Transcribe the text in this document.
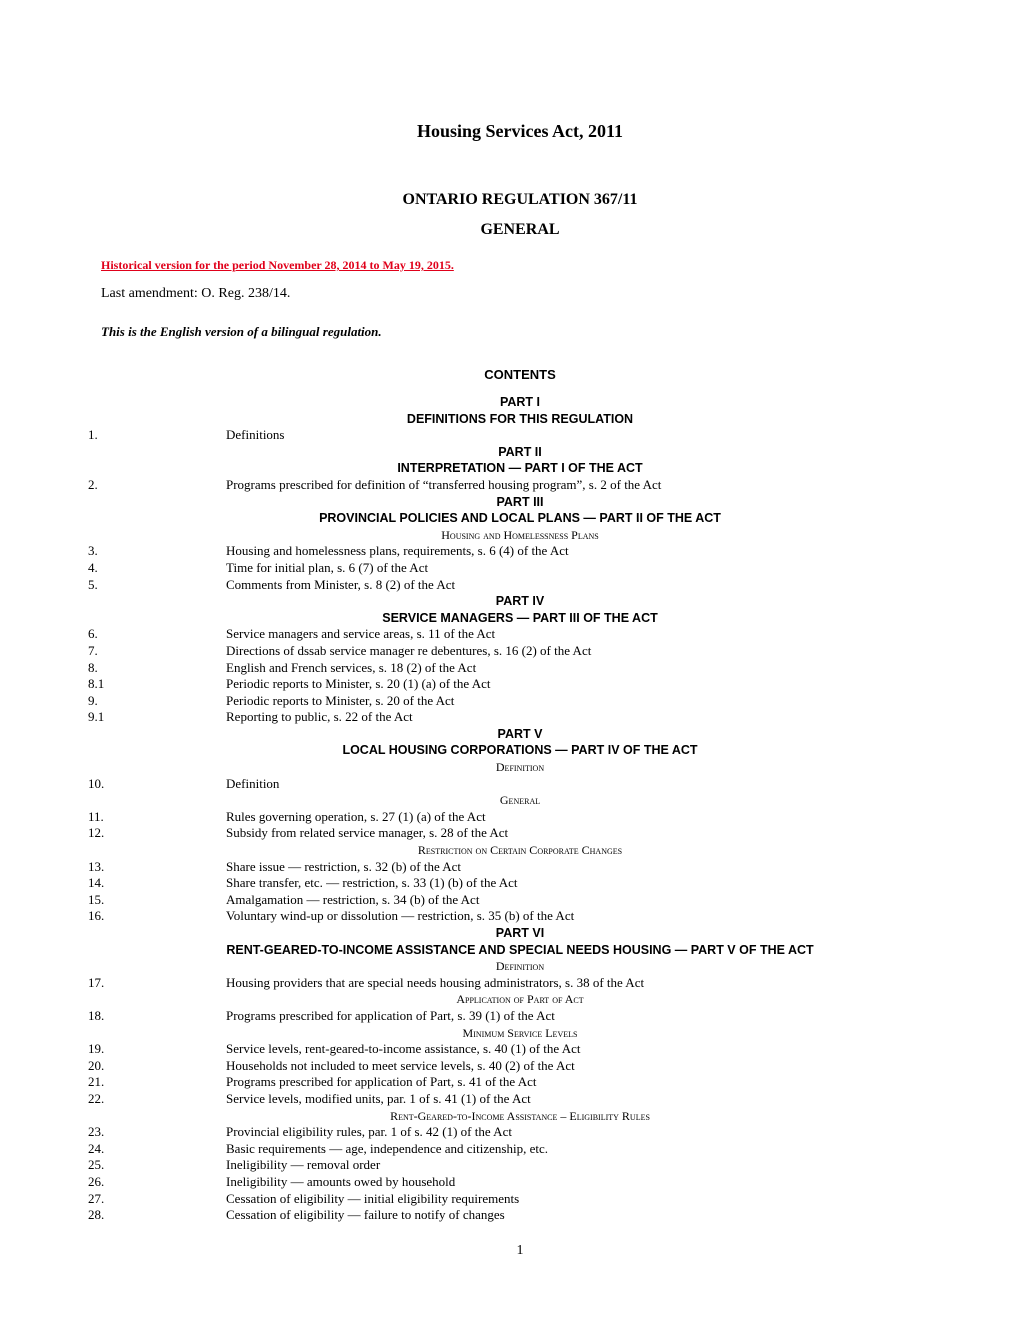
Housing Services Act, 2011
ONTARIO REGULATION 367/11
GENERAL
Historical version for the period November 28, 2014 to May 19, 2015.
Last amendment: O. Reg. 238/14.
This is the English version of a bilingual regulation.
CONTENTS
PART I
DEFINITIONS FOR THIS REGULATION
1.	Definitions
PART II
INTERPRETATION — PART I OF THE ACT
2.	Programs prescribed for definition of “transferred housing program”, s. 2 of the Act
PART III
PROVINCIAL POLICIES AND LOCAL PLANS — PART II OF THE ACT
Housing and Homelessness Plans
3.	Housing and homelessness plans, requirements, s. 6 (4) of the Act
4.	Time for initial plan, s. 6 (7) of the Act
5.	Comments from Minister, s. 8 (2) of the Act
PART IV
SERVICE MANAGERS — PART III OF THE ACT
6.	Service managers and service areas, s. 11 of the Act
7.	Directions of dssab service manager re debentures, s. 16 (2) of the Act
8.	English and French services, s. 18 (2) of the Act
8.1	Periodic reports to Minister, s. 20 (1) (a) of the Act
9.	Periodic reports to Minister, s. 20 of the Act
9.1	Reporting to public, s. 22 of the Act
PART V
LOCAL HOUSING CORPORATIONS — PART IV OF THE ACT
Definition
10.	Definition
General
11.	Rules governing operation, s. 27 (1) (a) of the Act
12.	Subsidy from related service manager, s. 28 of the Act
Restriction on Certain Corporate Changes
13.	Share issue — restriction, s. 32 (b) of the Act
14.	Share transfer, etc. — restriction, s. 33 (1) (b) of the Act
15.	Amalgamation — restriction, s. 34 (b) of the Act
16.	Voluntary wind-up or dissolution — restriction, s. 35 (b) of the Act
PART VI
RENT-GEARED-TO-INCOME ASSISTANCE AND SPECIAL NEEDS HOUSING — PART V OF THE ACT
Definition
17.	Housing providers that are special needs housing administrators, s. 38 of the Act
Application of Part of Act
18.	Programs prescribed for application of Part, s. 39 (1) of the Act
Minimum Service Levels
19.	Service levels, rent-geared-to-income assistance, s. 40 (1) of the Act
20.	Households not included to meet service levels, s. 40 (2) of the Act
21.	Programs prescribed for application of Part, s. 41 of the Act
22.	Service levels, modified units, par. 1 of s. 41 (1) of the Act
Rent-Geared-to-Income Assistance – Eligibility Rules
23.	Provincial eligibility rules, par. 1 of s. 42 (1) of the Act
24.	Basic requirements — age, independence and citizenship, etc.
25.	Ineligibility — removal order
26.	Ineligibility — amounts owed by household
27.	Cessation of eligibility — initial eligibility requirements
28.	Cessation of eligibility — failure to notify of changes
1
